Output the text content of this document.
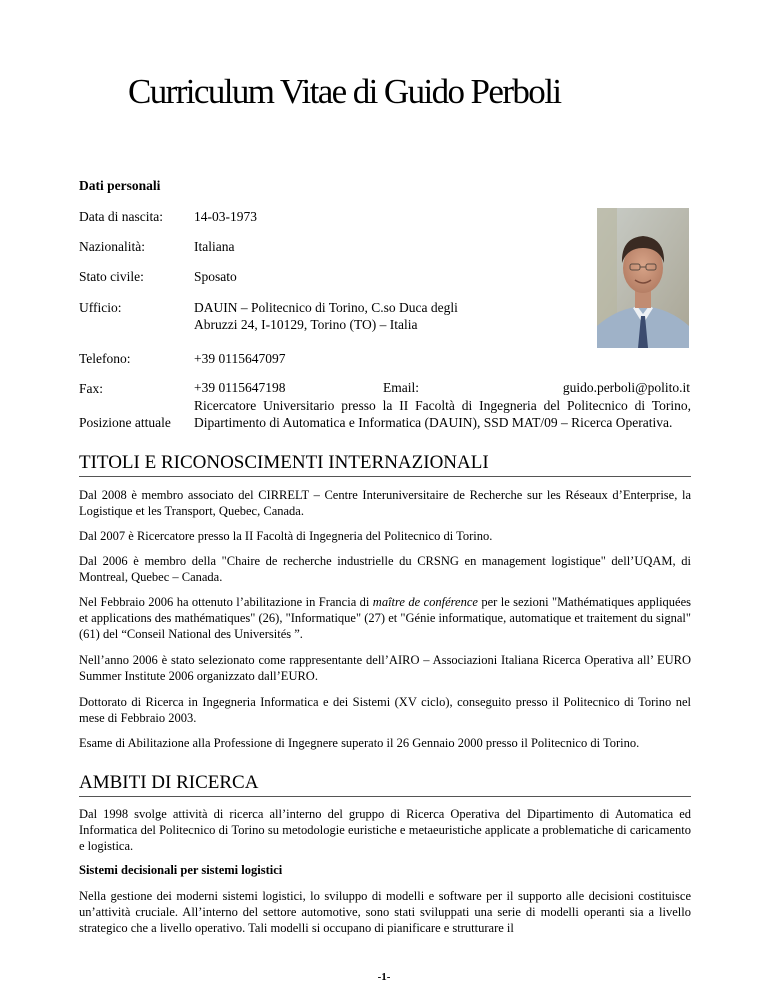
Curriculum Vitae di Guido Perboli
Dati personali
Data di nascita: 14-03-1973
Nazionalità:	Italiana
Stato civile:	Sposato
Ufficio:	DAUIN – Politecnico di Torino, C.so Duca degli
Abruzzi 24, I-10129, Torino (TO) – Italia
Telefono:	+39 0115647097
Fax:	+39 0115647198	Email:	guido.perboli@polito.it
Posizione attuale
Ricercatore Universitario presso la II Facoltà di Ingegneria del Politecnico di Torino, Dipartimento di Automatica e Informatica (DAUIN), SSD MAT/09 – Ricerca Operativa.
TITOLI E RICONOSCIMENTI INTERNAZIONALI

Dal 2008 è membro associato del CIRRELT – Centre Interuniversitaire de Recherche sur les Réseaux d’Enterprise, la Logistique et les Transport, Quebec, Canada.

Dal 2007 è Ricercatore presso la II Facoltà di Ingegneria del Politecnico di Torino.

Dal 2006 è membro della "Chaire de recherche industrielle du CRSNG en management logistique" dell’UQAM, di Montreal, Quebec – Canada.

Nel Febbraio 2006 ha ottenuto l’abilitazione in Francia di maître de conférence per le sezioni "Mathématiques appliquées et applications des mathématiques" (26), "Informatique" (27) et "Génie informatique, automatique et traitement du signal" (61) del “Conseil National des Universités ”.

Nell’anno 2006 è stato selezionato come rappresentante dell’AIRO – Associazioni Italiana Ricerca Operativa all’ EURO Summer Institute 2006 organizzato dall’EURO.

Dottorato di Ricerca in Ingegneria Informatica e dei Sistemi (XV ciclo), conseguito presso il Politecnico di Torino nel mese di Febbraio 2003.

Esame di Abilitazione alla Professione di Ingegnere superato il 26 Gennaio 2000 presso il Politecnico di Torino.

AMBITI DI RICERCA

Dal 1998 svolge attività di ricerca all’interno del gruppo di Ricerca Operativa del Dipartimento di Automatica ed Informatica del Politecnico di Torino su metodologie euristiche e metaeuristiche applicate a problematiche di caricamento e logistica.

Sistemi decisionali per sistemi logistici

Nella gestione dei moderni sistemi logistici, lo sviluppo di modelli e software per il supporto alle decisioni costituisce un’attività cruciale. All’interno del settore automotive, sono stati sviluppati una serie di modelli operanti sia a livello strategico che a livello operativo. Tali modelli si occupano di pianificare e strutturare il

-1-
